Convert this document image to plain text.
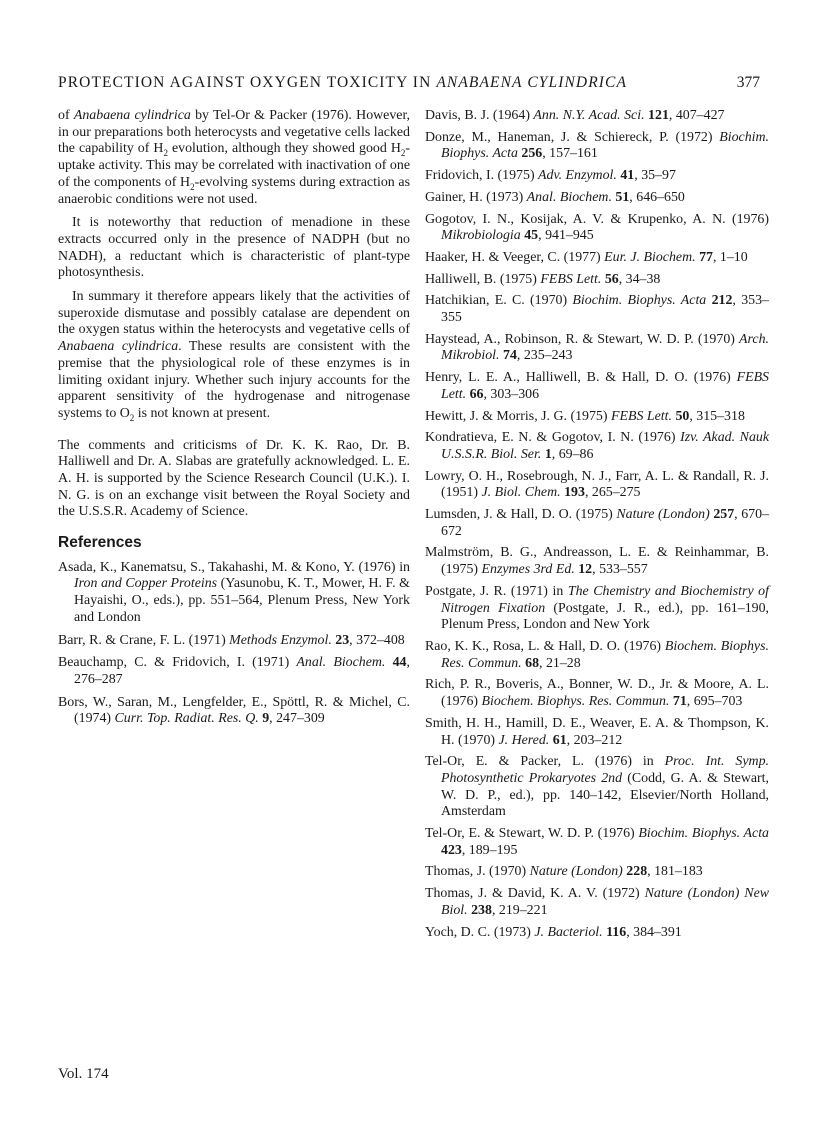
PROTECTION AGAINST OXYGEN TOXICITY IN ANABAENA CYLINDRICA	377

of Anabaena cylindrica by Tel-Or & Packer (1976). However, in our preparations both heterocysts and vegetative cells lacked the capability of $H_2$ evolution, although they showed good $H_2$-uptake activity. This may be correlated with inactivation of one of the components of $H_2$-evolving systems during extraction as anaerobic conditions were not used.

It is noteworthy that reduction of menadione in these extracts occurred only in the presence of NADPH (but no NADH), a reductant which is characteristic of plant-type photosynthesis.

In summary it therefore appears likely that the activities of superoxide dismutase and possibly catalase are dependent on the oxygen status within the heterocysts and vegetative cells of Anabaena cylindrica. These results are consistent with the premise that the physiological role of these enzymes is in limiting oxidant injury. Whether such injury accounts for the apparent sensitivity of the hydrogenase and nitrogenase systems to $O_2$ is not known at present.

The comments and criticisms of Dr. K. K. Rao, Dr. B. Halliwell and Dr. A. Slabas are gratefully acknowledged. L. E. A. H. is supported by the Science Research Council (U.K.). I. N. G. is on an exchange visit between the Royal Society and the U.S.S.R. Academy of Science.

References

Asada, K., Kanematsu, S., Takahashi, M. & Kono, Y. (1976) in Iron and Copper Proteins (Yasunobu, K. T., Mower, H. F. & Hayaishi, O., eds.), pp. 551–564, Plenum Press, New York and London

Barr, R. & Crane, F. L. (1971) Methods Enzymol. 23, 372–408

Beauchamp, C. & Fridovich, I. (1971) Anal. Biochem. 44, 276–287

Bors, W., Saran, M., Lengfelder, E., Spöttl, R. & Michel, C. (1974) Curr. Top. Radiat. Res. Q. 9, 247–309

Davis, B. J. (1964) Ann. N.Y. Acad. Sci. 121, 407–427

Donze, M., Haneman, J. & Schiereck, P. (1972) Biochim. Biophys. Acta 256, 157–161

Fridovich, I. (1975) Adv. Enzymol. 41, 35–97

Gainer, H. (1973) Anal. Biochem. 51, 646–650

Gogotov, I. N., Kosijak, A. V. & Krupenko, A. N. (1976) Mikrobiologia 45, 941–945

Haaker, H. & Veeger, C. (1977) Eur. J. Biochem. 77, 1–10

Halliwell, B. (1975) FEBS Lett. 56, 34–38

Hatchikian, E. C. (1970) Biochim. Biophys. Acta 212, 353–355

Haystead, A., Robinson, R. & Stewart, W. D. P. (1970) Arch. Mikrobiol. 74, 235–243

Henry, L. E. A., Halliwell, B. & Hall, D. O. (1976) FEBS Lett. 66, 303–306

Hewitt, J. & Morris, J. G. (1975) FEBS Lett. 50, 315–318

Kondratieva, E. N. & Gogotov, I. N. (1976) Izv. Akad. Nauk U.S.S.R. Biol. Ser. 1, 69–86

Lowry, O. H., Rosebrough, N. J., Farr, A. L. & Randall, R. J. (1951) J. Biol. Chem. 193, 265–275

Lumsden, J. & Hall, D. O. (1975) Nature (London) 257, 670–672

Malmström, B. G., Andreasson, L. E. & Reinhammar, B. (1975) Enzymes 3rd Ed. 12, 533–557

Postgate, J. R. (1971) in The Chemistry and Biochemistry of Nitrogen Fixation (Postgate, J. R., ed.), pp. 161–190, Plenum Press, London and New York

Rao, K. K., Rosa, L. & Hall, D. O. (1976) Biochem. Biophys. Res. Commun. 68, 21–28

Rich, P. R., Boveris, A., Bonner, W. D., Jr. & Moore, A. L. (1976) Biochem. Biophys. Res. Commun. 71, 695–703

Smith, H. H., Hamill, D. E., Weaver, E. A. & Thompson, K. H. (1970) J. Hered. 61, 203–212

Tel-Or, E. & Packer, L. (1976) in Proc. Int. Symp. Photosynthetic Prokaryotes 2nd (Codd, G. A. & Stewart, W. D. P., ed.), pp. 140–142, Elsevier/North Holland, Amsterdam

Tel-Or, E. & Stewart, W. D. P. (1976) Biochim. Biophys. Acta 423, 189–195

Thomas, J. (1970) Nature (London) 228, 181–183

Thomas, J. & David, K. A. V. (1972) Nature (London) New Biol. 238, 219–221

Yoch, D. C. (1973) J. Bacteriol. 116, 384–391

Vol. 174
